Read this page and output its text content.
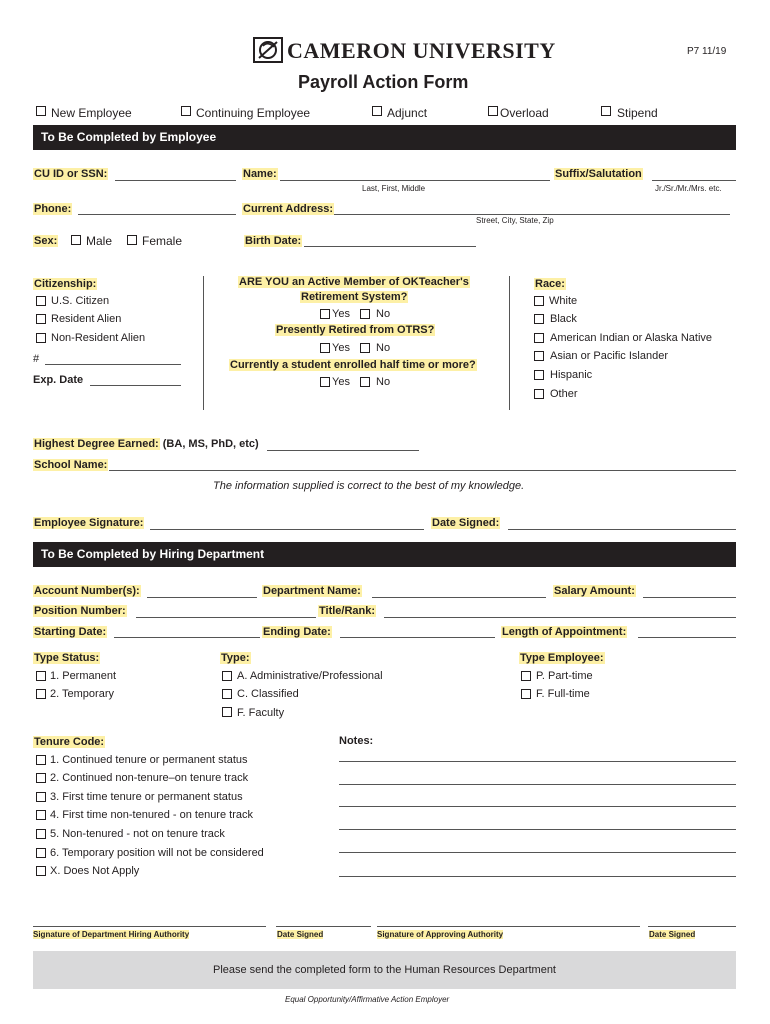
CAMERON UNIVERSITY	P7 11/19
Payroll Action Form
New Employee	Continuing Employee	Adjunct	Overload	Stipend
To Be Completed by Employee
CU ID or SSN:	Name:
Last, First, Middle
Suffix/Salutation
Jr./Sr./Mr./Mrs. etc.
Phone:	Current Address:
Street, City, State, Zip
Sex: Male Female	Birth Date:
Citizenship:
U.S. Citizen
Resident Alien
Non-Resident Alien
#
Exp. Date
ARE YOU an Active Member of OKTeacher's
Retirement System?
Yes No
Presently Retired from OTRS?
Yes No
Currently a student enrolled half time or more?
Yes No
Race:
White
Black
American Indian or Alaska Native
Asian or Pacific Islander
Hispanic
Other
Highest Degree Earned: (BA, MS, PhD, etc)
School Name:
The information supplied is correct to the best of my knowledge.
Employee Signature:	Date Signed:
To Be Completed by Hiring Department
Account Number(s):	Department Name:	Salary Amount:
Position Number:	Title/Rank:
Starting Date:	Ending Date:	Length of Appointment:
Type Status:
1. Permanent
2. Temporary
Type:
A. Administrative/Professional
C. Classified
F. Faculty
Type Employee:
P. Part-time
F. Full-time
Tenure Code:
1. Continued tenure or permanent status
2. Continued non-tenure–on tenure track
3. First time tenure or permanent status
4. First time non-tenured - on tenure track
5. Non-tenured - not on tenure track
6. Temporary position will not be considered
X. Does Not Apply
Notes:
Signature of Department Hiring Authority	Date Signed	Signature of Approving Authority	Date Signed
Please send the completed form to the Human Resources Department
Equal Opportunity/Affirmative Action Employer
